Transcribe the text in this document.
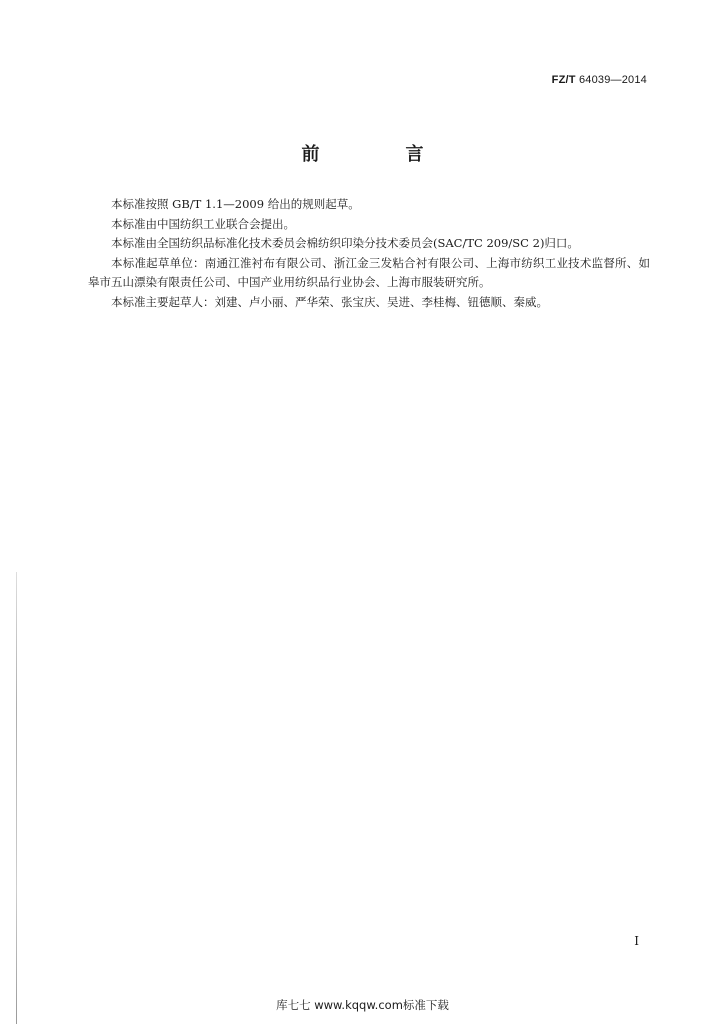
FZ/T 64039—2014
前　言

本标准按照 GB/T 1.1—2009 给出的规则起草。

本标准由中国纺织工业联合会提出。

本标准由全国纺织品标准化技术委员会棉纺织印染分技术委员会(SAC/TC 209/SC 2)归口。

本标准起草单位：南通江淮衬布有限公司、浙江金三发粘合衬有限公司、上海市纺织工业技术监督所、如皋市五山漂染有限责任公司、中国产业用纺织品行业协会、上海市服装研究所。

本标准主要起草人：刘建、卢小丽、严华荣、张宝庆、吴进、李桂梅、钮德顺、秦威。

I
库七七 www.kqqw.com标准下载
